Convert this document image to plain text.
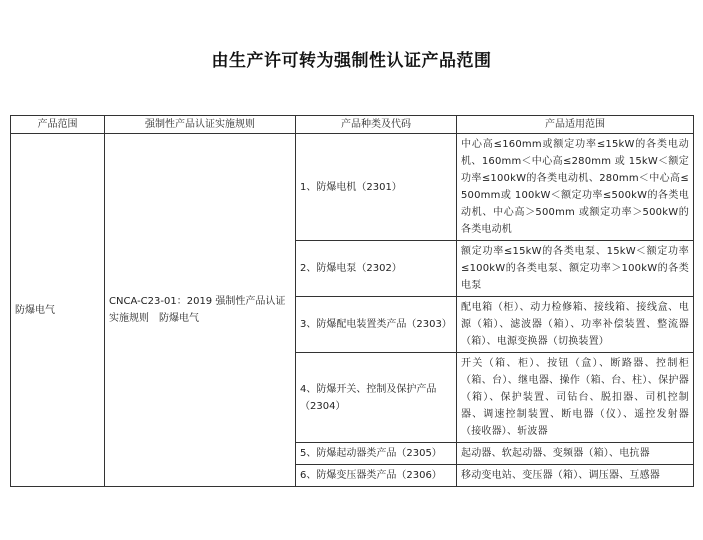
由生产许可转为强制性认证产品范围
产品范围	强制性产品认证实施规则	产品种类及代码	产品适用范围
防爆电气	CNCA-C23-01：2019 强制性产品认证实施规则　防爆电气	1、防爆电机（2301）	中心高≤160mm或额定功率≤15kW的各类电动机、160mm＜中心高≤280mm 或 15kW＜额定功率≤100kW的各类电动机、280mm＜中心高≤500mm或 100kW＜额定功率≤500kW的各类电动机、中心高＞500mm 或额定功率＞500kW的各类电动机
		2、防爆电泵（2302）	额定功率≤15kW的各类电泵、15kW＜额定功率≤100kW的各类电泵、额定功率＞100kW的各类电泵
		3、防爆配电装置类产品（2303）	配电箱（柜）、动力检修箱、接线箱、接线盒、电源（箱）、滤波器（箱）、功率补偿装置、整流器（箱）、电源变换器（切换装置）
		4、防爆开关、控制及保护产品（2304）	开关（箱、柜）、按钮（盒）、断路器、控制柜（箱、台）、继电器、操作（箱、台、柱）、保护器（箱）、保护装置、司钻台、脱扣器、司机控制器、调速控制装置、断电器（仪）、遥控发射器（接收器）、斩波器
		5、防爆起动器类产品（2305）	起动器、软起动器、变频器（箱）、电抗器
		6、防爆变压器类产品（2306）	移动变电站、变压器（箱）、调压器、互感器
